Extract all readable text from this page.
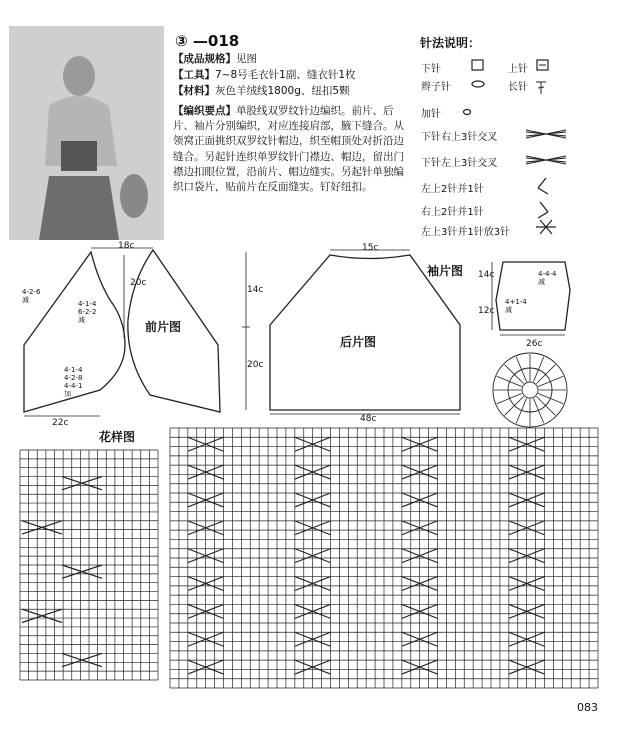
③ —018
【成品规格】见图
【工具】7~8号毛衣针1副、缝衣针1枚
【材料】灰色羊绒线1800g、纽扣5颗
【编织要点】单股线双罗纹针边编织。前片、后片、袖片分别编织，对应连接肩部，腋下缝合。从领窝正面挑织双罗纹针帽边，织至帽顶处对折沿边缝合。另起针连织单罗纹针门襟边、帽边，留出门襟边扣眼位置，沿前片、帽边缝实。另起针单独编织口袋片，贴前片在反面缝实。钉好纽扣。
针法说明：
下针	上针
辫子针	长针
加针
下针右上3针交叉
下针左上3针交叉
左上2针并1针
右上2针并1针
左上3针并1针放3针
18c
20c
22c
4-2-6
减	4-1-4
6-2-2
减
4-1-4
4-2-8
4-4-1
加
前片图
15c
14c
20c
48c
后片图
袖片图 14c
12c
26c
4-4-4
减
4+1-4
减
花样图
083
